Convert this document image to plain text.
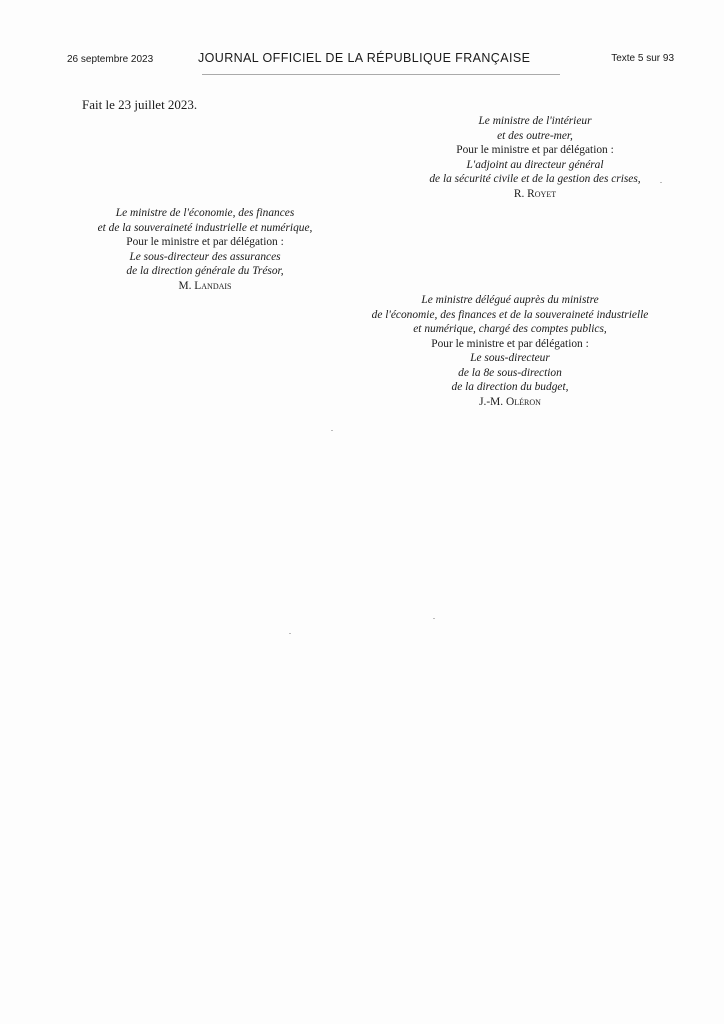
26 septembre 2023	JOURNAL OFFICIEL DE LA RÉPUBLIQUE FRANÇAISE	Texte 5 sur 93
Fait le 23 juillet 2023.
Le ministre de l'intérieur
et des outre-mer,
Pour le ministre et par délégation :
L'adjoint au directeur général
de la sécurité civile et de la gestion des crises,
R. Royet
Le ministre de l'économie, des finances
et de la souveraineté industrielle et numérique,
Pour le ministre et par délégation :
Le sous-directeur des assurances
de la direction générale du Trésor,
M. Landais
Le ministre délégué auprès du ministre
de l'économie, des finances et de la souveraineté industrielle
et numérique, chargé des comptes publics,
Pour le ministre et par délégation :
Le sous-directeur
de la 8e sous-direction
de la direction du budget,
J.-M. Oléron
